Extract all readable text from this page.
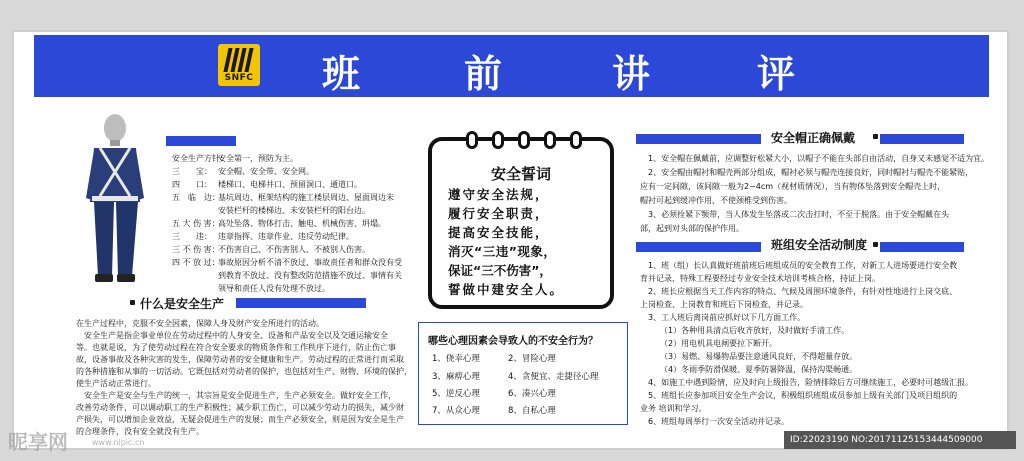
SNFC 班	前	讲	评
安全生产方针：安全第一，预防为主。
三　　宝： 安全帽、安全带、安全网。
四　　口： 楼梯口、电梯井口、预留洞口、通道口。
五　临　边：基坑周边、框架结构的施工楼层周边、屋面周边未
安装栏杆的楼梯边、未安装栏杆的阳台边。
五 大 伤 害：高处坠落、物体打击、触电、机械伤害、坍塌。
三　　违： 违章指挥、违章作业、违反劳动纪律。
三 不 伤 害：不伤害自己、不伤害别人、不被别人伤害。
四 不 放 过：事故原因分析不清不放过、事故责任者和群众没有受
到教育不放过、没有整改防范措施不放过、事情有关
领导和责任人没有处理不放过。
什么是安全生产
在生产过程中，克服不安全因素，保障人身及财产安全所进行的活动。
安全生产是指企事业单位在劳动过程中的人身安全、设备和产品安全以及交通运输安全
等。也就是说，为了使劳动过程在符合安全要求的物质条件和工作秩序下进行，防止伤亡事
故，设备事故及各种灾害的发生，保障劳动者的安全健康和生产。劳动过程的正常进行而采取
的各种措施和从事的一切活动。它既包括对劳动者的保护，也包括对生产、财物、环境的保护，
使生产活动正常进行。
安全生产是安全与生产的统一，其宗旨是安全促进生产，生产必须安全。做好安全工作，
改善劳动条件，可以调动职工的生产积极性；减少职工伤亡，可以减少劳动力的损失，减少财
产损失，可以增加企业效益，无疑会促进生产的发展；而生产必须安全，则是因为安全是生产
的合理条件，没有安全就没有生产。
安全誓词
遵守安全法规，
履行安全职责，
提高安全技能，
消灭“三违”现象，
保证“三不伤害”，
誓做中建安全人。
哪些心理因素会导致人的不安全行为？
1、侥幸心理	2、冒险心理
3、麻痹心理	4、贪便宜、走捷径心理
5、逆反心理	6、凑兴心理
7、从众心理	8、自私心理
安全帽正确佩戴
1、安全帽在佩戴前，应调整好松紧大小，以帽子不能在头部自由活动，自身又未感觉不适为宜。
2、安全帽由帽衬和帽壳两部分组成，帽衬必须与帽壳连接良好，同时帽衬与帽壳不能紧贴，
应有一定间隙，该间隙一般为2~4cm（视材质情况），当有物体坠落到安全帽壳上时，
帽衬可起到缓冲作用，不使颈椎受到伤害。
3、必须拴紧下颚带，当人体发生坠落或二次击打时，不至于脱落。由于安全帽戴在头
部，起到对头部的保护作用。
班组安全活动制度
1、班（组）长认真做好班前班后班组成员的安全教育工作，对新工人进场要进行安全教
育并记录，特殊工程要经过专业安全技术培训考核合格，持证上岗。
2、班长应根据当天工作内容的特点、气候及周围环境条件，有针对性地进行上岗交底、
上岗检查、上岗教育和班后下岗检查，并记录。
3、工人班后离岗前应抓好以下几方面工作。
（1）各种用具清点后收齐放好，及时做好手清工作。
（2）用电机具电闸要拉下断开。
（3）易燃、易爆物品要注意通风良好，不得超量存放。
（4）冬雨季防滑保暖、夏季防暑降温，保持沟渠畅通。
4、如施工中遇到险情，应及时向上级报告，险情排除后方可继续施工，必要时可越级汇报。
5、班组长应参加项目安全生产会议，积极组织班组成员参加上级有关部门及项目组织的
业务 培训和学习。
6、班组每周举行一次安全活动并记录。
昵享网	www.nipic.cn	ID:22023190 NO:20171125153444509000
